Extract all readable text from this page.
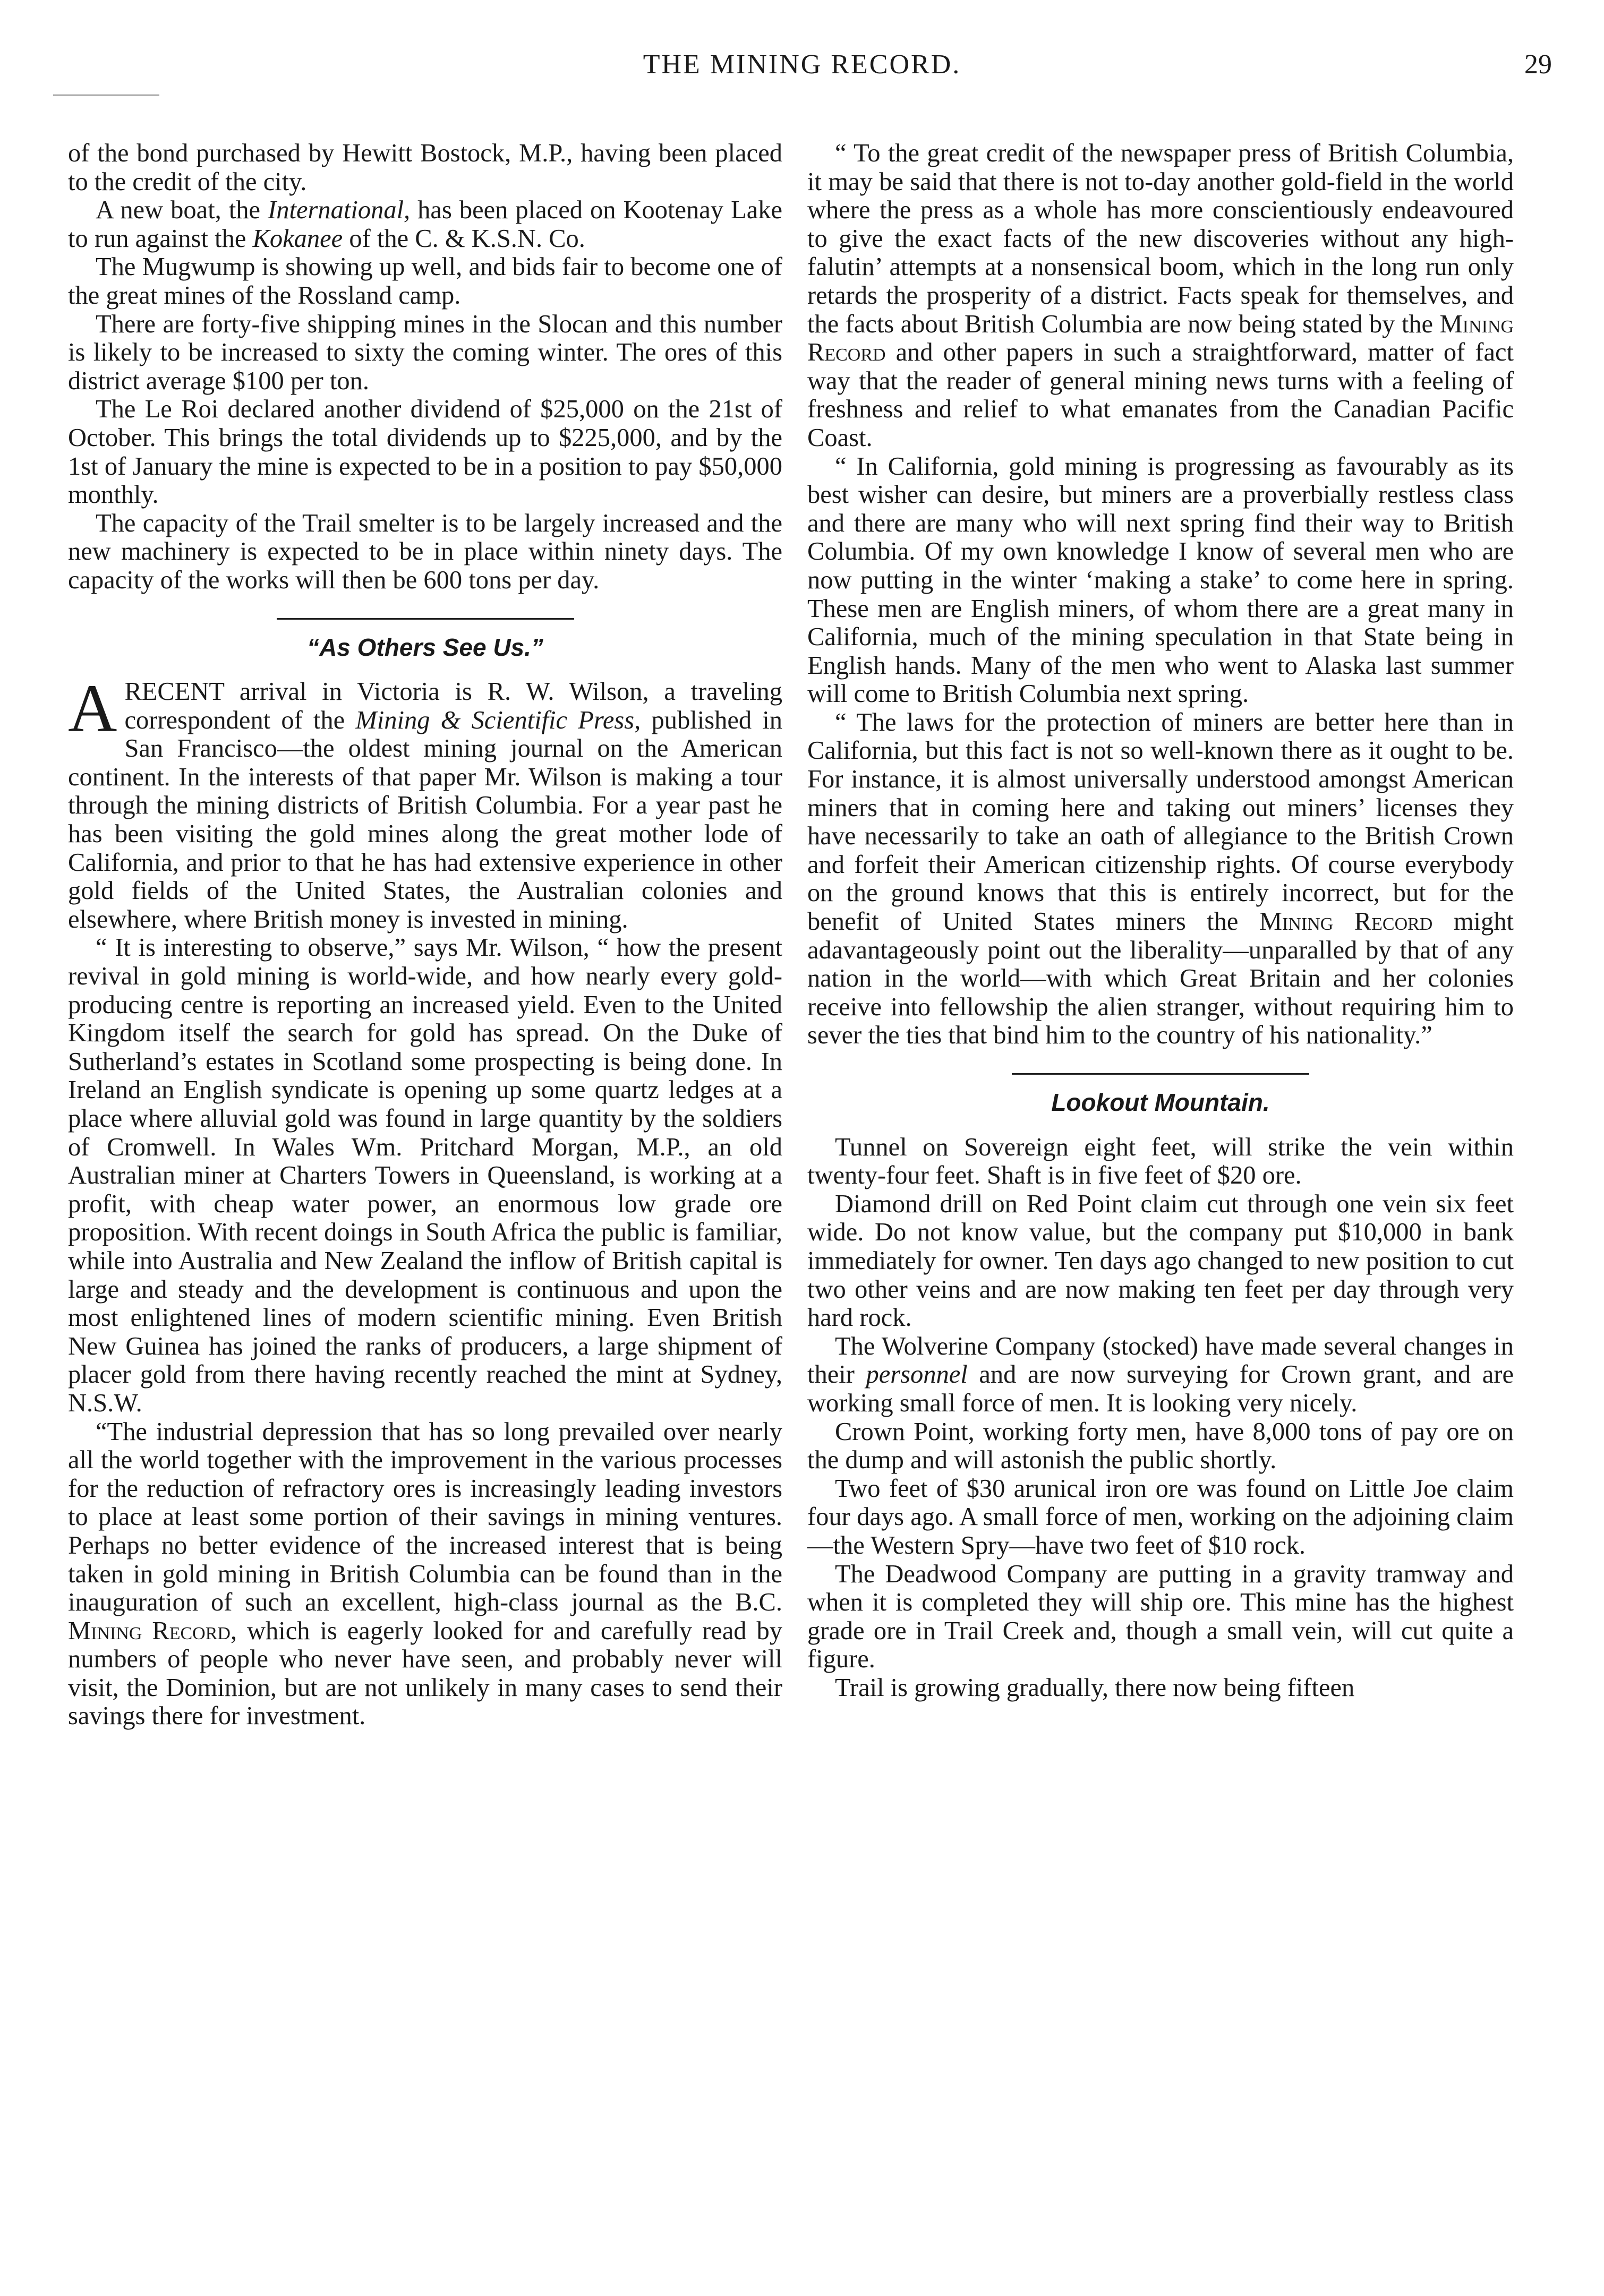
THE MINING RECORD.	29

of the bond purchased by Hewitt Bostock, M.P., having been placed to the credit of the city.

A new boat, the International, has been placed on Kootenay Lake to run against the Kokanee of the C. & K.S.N. Co.

The Mugwump is showing up well, and bids fair to become one of the great mines of the Rossland camp.

There are forty-five shipping mines in the Slocan and this number is likely to be increased to sixty the coming winter. The ores of this district average $100 per ton.

The Le Roi declared another dividend of $25,000 on the 21st of October. This brings the total dividends up to $225,000, and by the 1st of January the mine is expected to be in a position to pay $50,000 monthly.

The capacity of the Trail smelter is to be largely increased and the new machinery is expected to be in place within ninety days. The capacity of the works will then be 600 tons per day.

“As Others See Us.”

ARECENT arrival in Victoria is R. W. Wilson, a traveling correspondent of the Mining & Scientific Press, published in San Francisco—the oldest mining journal on the American continent. In the interests of that paper Mr. Wilson is making a tour through the mining districts of British Columbia. For a year past he has been visiting the gold mines along the great mother lode of California, and prior to that he has had extensive experience in other gold fields of the United States, the Australian colonies and elsewhere, where British money is invested in mining.

“ It is interesting to observe,” says Mr. Wilson, “ how the present revival in gold mining is world-wide, and how nearly every gold-producing centre is reporting an increased yield. Even to the United Kingdom itself the search for gold has spread. On the Duke of Sutherland’s estates in Scotland some prospecting is being done. In Ireland an English syndicate is opening up some quartz ledges at a place where alluvial gold was found in large quantity by the soldiers of Cromwell. In Wales Wm. Pritchard Morgan, M.P., an old Australian miner at Charters Towers in Queensland, is working at a profit, with cheap water power, an enormous low grade ore proposition. With recent doings in South Africa the public is familiar, while into Australia and New Zealand the inflow of British capital is large and steady and the development is continuous and upon the most enlightened lines of modern scientific mining. Even British New Guinea has joined the ranks of producers, a large shipment of placer gold from there having recently reached the mint at Sydney, N.S.W.

“The industrial depression that has so long prevailed over nearly all the world together with the improvement in the various processes for the reduction of refractory ores is increasingly leading investors to place at least some portion of their savings in mining ventures. Perhaps no better evidence of the increased interest that is being taken in gold mining in British Columbia can be found than in the inauguration of such an excellent, high-class journal as the B.C. Mining Record, which is eagerly looked for and carefully read by numbers of people who never have seen, and probably never will visit, the Dominion, but are not unlikely in many cases to send their savings there for investment.

“ To the great credit of the newspaper press of British Columbia, it may be said that there is not to-day another gold-field in the world where the press as a whole has more conscientiously endeavoured to give the exact facts of the new discoveries without any high-falutin’ attempts at a nonsensical boom, which in the long run only retards the prosperity of a district. Facts speak for themselves, and the facts about British Columbia are now being stated by the Mining Record and other papers in such a straightforward, matter of fact way that the reader of general mining news turns with a feeling of freshness and relief to what emanates from the Canadian Pacific Coast.

“ In California, gold mining is progressing as favourably as its best wisher can desire, but miners are a proverbially restless class and there are many who will next spring find their way to British Columbia. Of my own knowledge I know of several men who are now putting in the winter ‘making a stake’ to come here in spring. These men are English miners, of whom there are a great many in California, much of the mining speculation in that State being in English hands. Many of the men who went to Alaska last summer will come to British Columbia next spring.

“ The laws for the protection of miners are better here than in California, but this fact is not so well-known there as it ought to be. For instance, it is almost universally understood amongst American miners that in coming here and taking out miners’ licenses they have necessarily to take an oath of allegiance to the British Crown and forfeit their American citizenship rights. Of course everybody on the ground knows that this is entirely incorrect, but for the benefit of United States miners the Mining Record might adavantageously point out the liberality—unparalled by that of any nation in the world—with which Great Britain and her colonies receive into fellowship the alien stranger, without requiring him to sever the ties that bind him to the country of his nationality.”

Lookout Mountain.

Tunnel on Sovereign eight feet, will strike the vein within twenty-four feet. Shaft is in five feet of $20 ore.

Diamond drill on Red Point claim cut through one vein six feet wide. Do not know value, but the company put $10,000 in bank immediately for owner. Ten days ago changed to new position to cut two other veins and are now making ten feet per day through very hard rock.

The Wolverine Company (stocked) have made several changes in their personnel and are now surveying for Crown grant, and are working small force of men. It is looking very nicely.

Crown Point, working forty men, have 8,000 tons of pay ore on the dump and will astonish the public shortly.

Two feet of $30 arunical iron ore was found on Little Joe claim four days ago. A small force of men, working on the adjoining claim—the Western Spry—have two feet of $10 rock.

The Deadwood Company are putting in a gravity tramway and when it is completed they will ship ore. This mine has the highest grade ore in Trail Creek and, though a small vein, will cut quite a figure.

Trail is growing gradually, there now being fifteen
